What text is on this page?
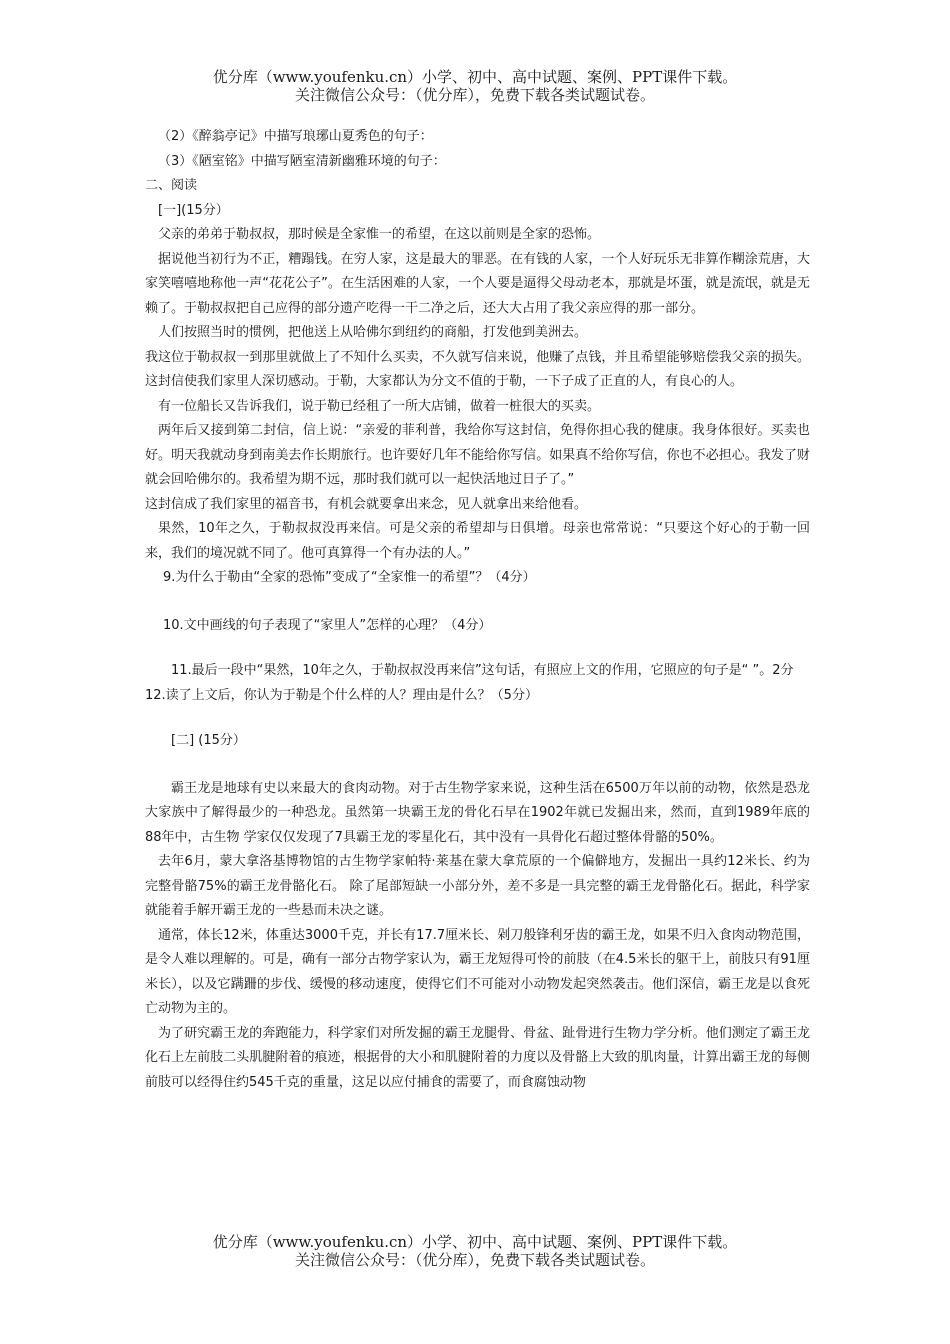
优分库（www.youfenku.cn）小学、初中、高中试题、案例、PPT课件下载。
关注微信公众号：（优分库），免费下载各类试题试卷。

（2）《醉翁亭记》中描写琅琊山夏秀色的句子：

（3）《陋室铭》中描写陋室清新幽雅环境的句子：

二、阅读

[一](15分）

父亲的弟弟于勒叔叔，那时候是全家惟一的希望，在这以前则是全家的恐怖。

据说他当初行为不正，糟蹋钱。在穷人家，这是最大的罪恶。在有钱的人家，一个人好玩乐无非算作糊涂荒唐，大家笑嘻嘻地称他一声“花花公子”。在生活困难的人家，一个人要是逼得父母动老本，那就是坏蛋，就是流氓，就是无赖了。于勒叔叔把自己应得的部分遗产吃得一干二净之后，还大大占用了我父亲应得的那一部分。

人们按照当时的惯例，把他送上从哈佛尔到纽约的商船，打发他到美洲去。

我这位于勒叔叔一到那里就做上了不知什么买卖，不久就写信来说，他赚了点钱，并且希望能够赔偿我父亲的损失。这封信使我们家里人深切感动。于勒，大家都认为分文不值的于勒，一下子成了正直的人，有良心的人。

有一位船长又告诉我们，说于勒已经租了一所大店铺，做着一桩很大的买卖。

两年后又接到第二封信，信上说：“亲爱的菲利普，我给你写这封信，免得你担心我的健康。我身体很好。买卖也好。明天我就动身到南美去作长期旅行。也许要好几年不能给你写信。如果真不给你写信，你也不必担心。我发了财就会回哈佛尔的。我希望为期不远，那时我们就可以一起快活地过日子了。”

这封信成了我们家里的福音书，有机会就要拿出来念，见人就拿出来给他看。

果然，10年之久，于勒叔叔没再来信。可是父亲的希望却与日俱增。母亲也常常说：“只要这个好心的于勒一回来，我们的境况就不同了。他可真算得一个有办法的人。”

9.为什么于勒由“全家的恐怖”变成了“全家惟一的希望”？（4分）

10.文中画线的句子表现了“家里人”怎样的心理？（4分）

11.最后一段中“果然，10年之久，于勒叔叔没再来信”这句话，有照应上文的作用，它照应的句子是“ ”。2分

12.读了上文后，你认为于勒是个什么样的人？理由是什么？（5分）

[二] (15分）

霸王龙是地球有史以来最大的食肉动物。对于古生物学家来说，这种生活在6500万年以前的动物，依然是恐龙大家族中了解得最少的一种恐龙。虽然第一块霸王龙的骨化石早在1902年就已发掘出来，然而，直到1989年底的88年中，古生物 学家仅仅发现了7具霸王龙的零星化石，其中没有一具骨化石超过整体骨骼的50%。

去年6月，蒙大拿洛基博物馆的古生物学家帕特·莱基在蒙大拿荒原的一个偏僻地方，发掘出一具约12米长、约为完整骨骼75%的霸王龙骨骼化石。 除了尾部短缺一小部分外，差不多是一具完整的霸王龙骨骼化石。据此，科学家就能着手解开霸王龙的一些悬而未决之谜。

通常，体长12米，体重达3000千克，并长有17.7厘米长、剁刀般锋利牙齿的霸王龙，如果不归入食肉动物范围，是令人难以理解的。可是，确有一部分古物学家认为，霸王龙短得可怜的前肢（在4.5米长的躯干上，前肢只有91厘米长），以及它蹒跚的步伐、缓慢的移动速度，使得它们不可能对小动物发起突然袭击。他们深信，霸王龙是以食死亡动物为主的。

为了研究霸王龙的奔跑能力，科学家们对所发掘的霸王龙腿骨、骨盆、趾骨进行生物力学分析。他们测定了霸王龙化石上左前肢二头肌腱附着的痕迹，根据骨的大小和肌腱附着的力度以及骨骼上大致的肌肉量，计算出霸王龙的每侧前肢可以经得住约545千克的重量，这足以应付捕食的需要了，而食腐蚀动物

优分库（www.youfenku.cn）小学、初中、高中试题、案例、PPT课件下载。
关注微信公众号：（优分库），免费下载各类试题试卷。
